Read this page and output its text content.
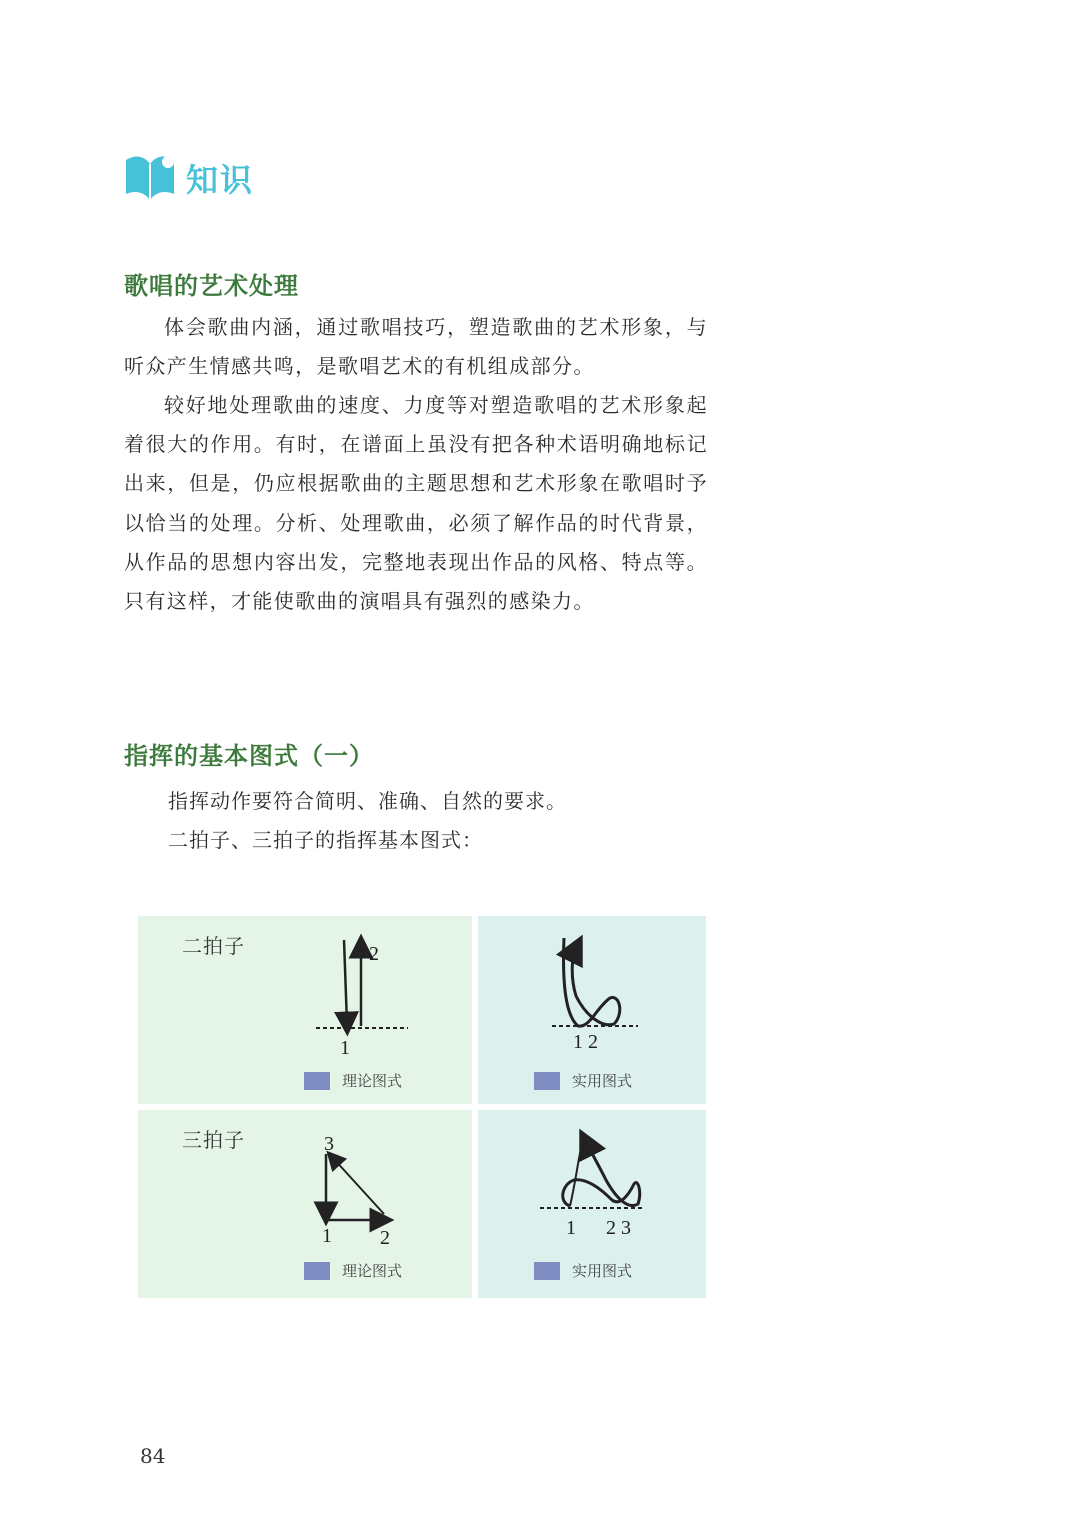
知识
歌唱的艺术处理

体会歌曲内涵，通过歌唱技巧，塑造歌曲的艺术形象，与听众产生情感共鸣，是歌唱艺术的有机组成部分。

较好地处理歌曲的速度、力度等对塑造歌唱的艺术形象起着很大的作用。有时，在谱面上虽没有把各种术语明确地标记出来，但是，仍应根据歌曲的主题思想和艺术形象在歌唱时予以恰当的处理。分析、处理歌曲，必须了解作品的时代背景，从作品的思想内容出发，完整地表现出作品的风格、特点等。只有这样，才能使歌曲的演唱具有强烈的感染力。

指挥的基本图式（一）
指挥动作要符合简明、准确、自然的要求。
二拍子、三拍子的指挥基本图式：
二拍子
1
2
理论图式
1 2
实用图式
三拍子
1 2
3
理论图式
1 2 3
实用图式
84
